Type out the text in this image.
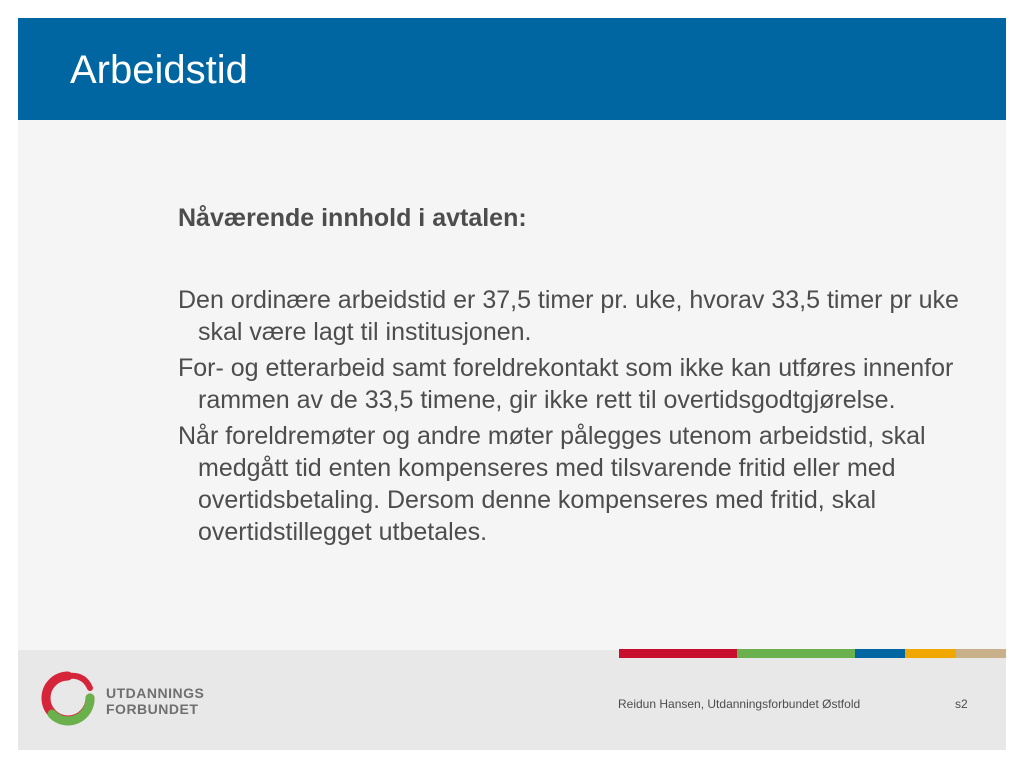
Arbeidstid

Nåværende innhold i avtalen:

Den ordinære arbeidstid er 37,5 timer pr. uke, hvorav 33,5 timer pr uke skal være lagt til institusjonen.

For- og etterarbeid samt foreldrekontakt som ikke kan utføres innenfor rammen av de 33,5 timene, gir ikke rett til overtidsgodtgjørelse.

Når foreldremøter og andre møter pålegges utenom arbeidstid, skal medgått tid enten kompenseres med tilsvarende fritid eller med overtidsbetaling. Dersom denne kompenseres med fritid, skal overtidstillegget utbetales.

UTDANNINGS
FORBUNDET	Reidun Hansen, Utdanningsforbundet Østfold	s2
